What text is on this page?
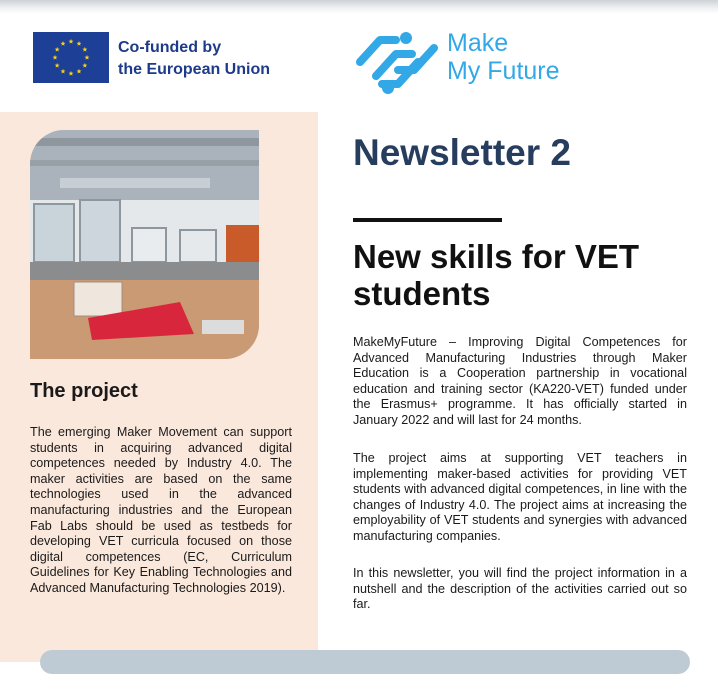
Co-funded by
the European Union
Make
My Future
The project

The emerging Maker Movement can support students in acquiring advanced digital competences needed by Industry 4.0. The maker activities are based on the same technologies used in the advanced manufacturing industries and the European Fab Labs should be used as testbeds for developing VET curricula focused on those digital competences (EC, Curriculum Guidelines for Key Enabling Technologies and Advanced Manufacturing Technologies 2019).

Newsletter 2
New skills for VET students

MakeMyFuture – Improving Digital Competences for Advanced Manufacturing Industries through Maker Education is a Cooperation partnership in vocational education and training sector (KA220-VET) funded under the Erasmus+ programme. It has officially started in January 2022 and will last for 24 months.

The project aims at supporting VET teachers in implementing maker-based activities for providing VET students with advanced digital competences, in line with the changes of Industry 4.0. The project aims at increasing the employability of VET students and synergies with advanced manufacturing companies.

In this newsletter, you will find the project information in a nutshell and the description of the activities carried out so far.
